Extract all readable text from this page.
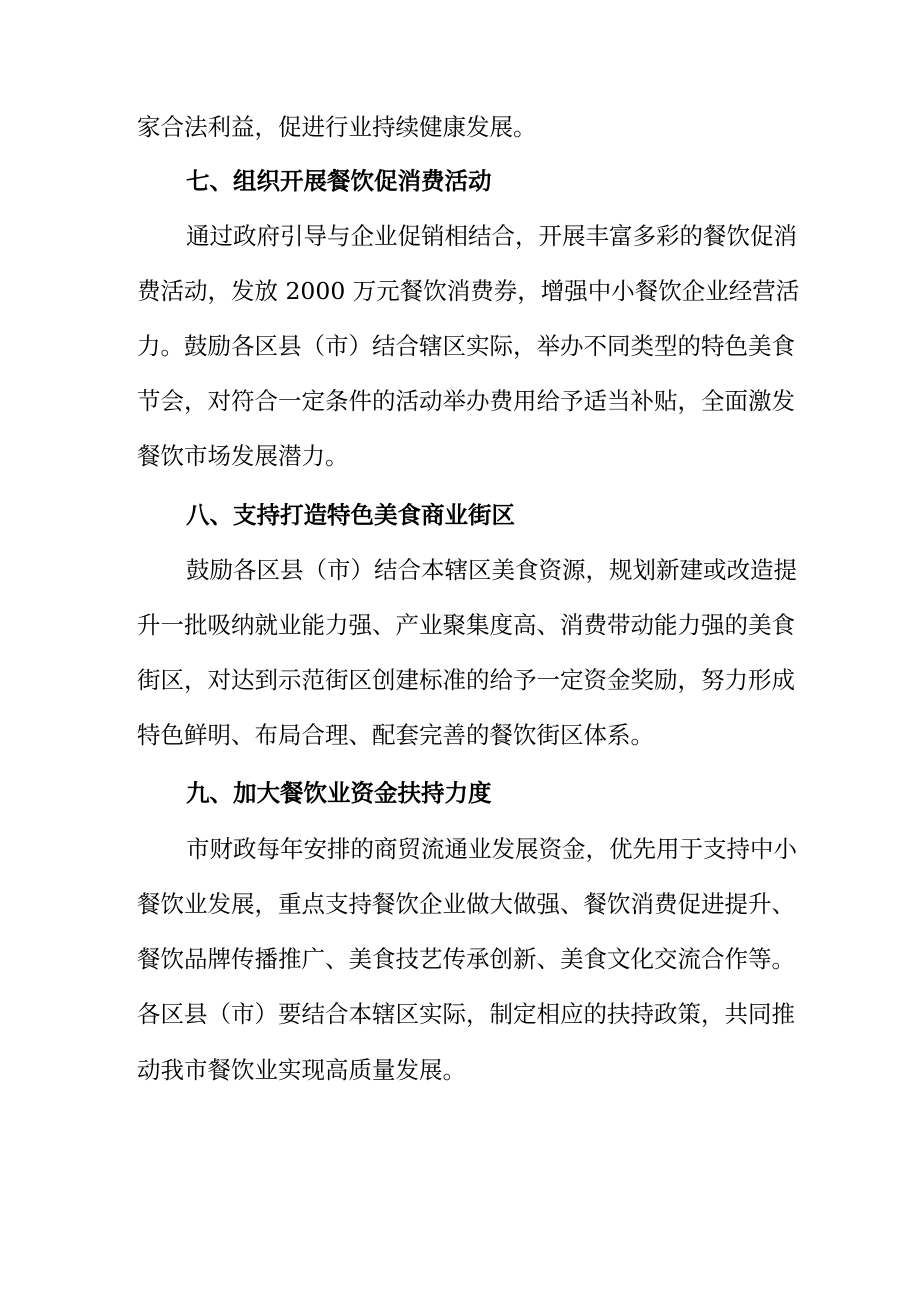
家合法利益，促进行业持续健康发展。
七、组织开展餐饮促消费活动
通过政府引导与企业促销相结合，开展丰富多彩的餐饮促消
费活动，发放 2000 万元餐饮消费券，增强中小餐饮企业经营活
力。鼓励各区县（市）结合辖区实际，举办不同类型的特色美食
节会，对符合一定条件的活动举办费用给予适当补贴，全面激发
餐饮市场发展潜力。
八、支持打造特色美食商业街区
鼓励各区县（市）结合本辖区美食资源，规划新建或改造提
升一批吸纳就业能力强、产业聚集度高、消费带动能力强的美食
街区，对达到示范街区创建标准的给予一定资金奖励，努力形成
特色鲜明、布局合理、配套完善的餐饮街区体系。
九、加大餐饮业资金扶持力度
市财政每年安排的商贸流通业发展资金，优先用于支持中小
餐饮业发展，重点支持餐饮企业做大做强、餐饮消费促进提升、
餐饮品牌传播推广、美食技艺传承创新、美食文化交流合作等。
各区县（市）要结合本辖区实际，制定相应的扶持政策，共同推
动我市餐饮业实现高质量发展。
